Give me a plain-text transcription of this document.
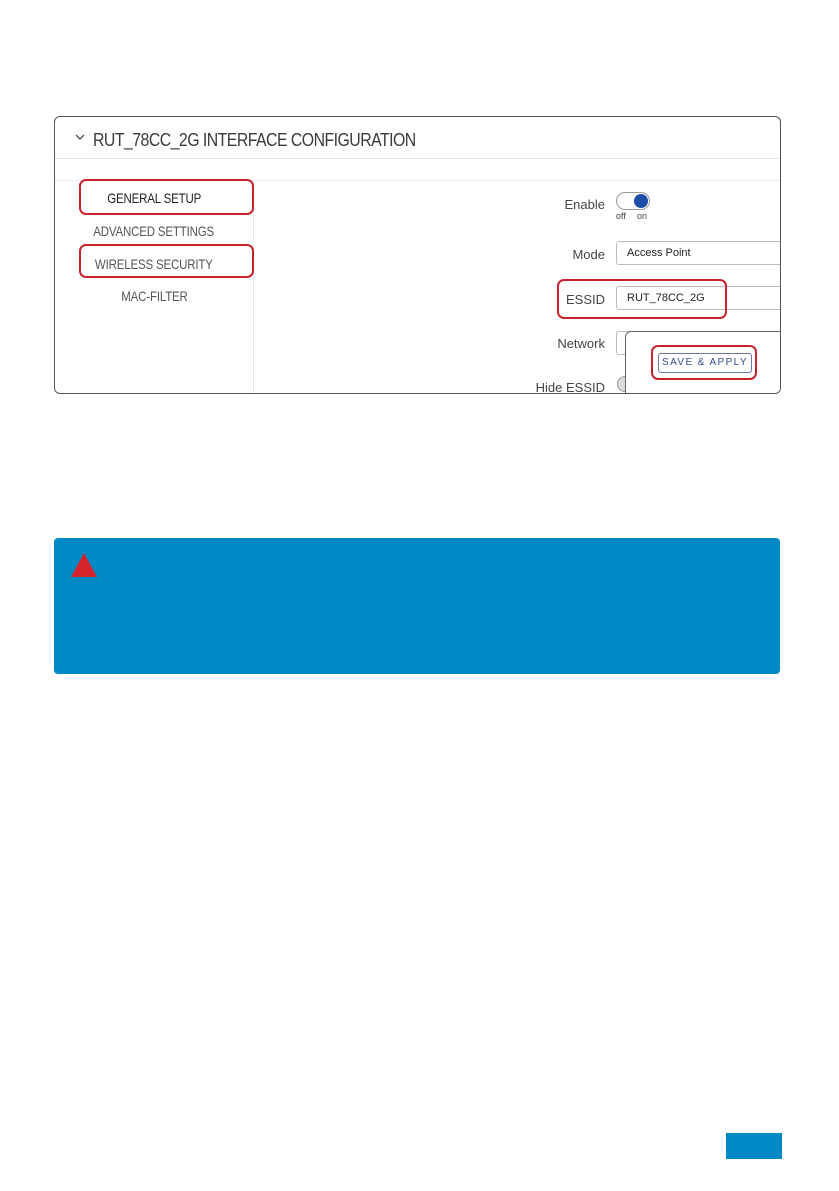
RUT_78CC_2G INTERFACE CONFIGURATION
GENERAL SETUP
ADVANCED SETTINGS
WIRELESS SECURITY
MAC-FILTER
Enable
off on
Mode	Access Point
ESSID	RUT_78CC_2G
Network
Hide ESSID
SAVE & APPLY
